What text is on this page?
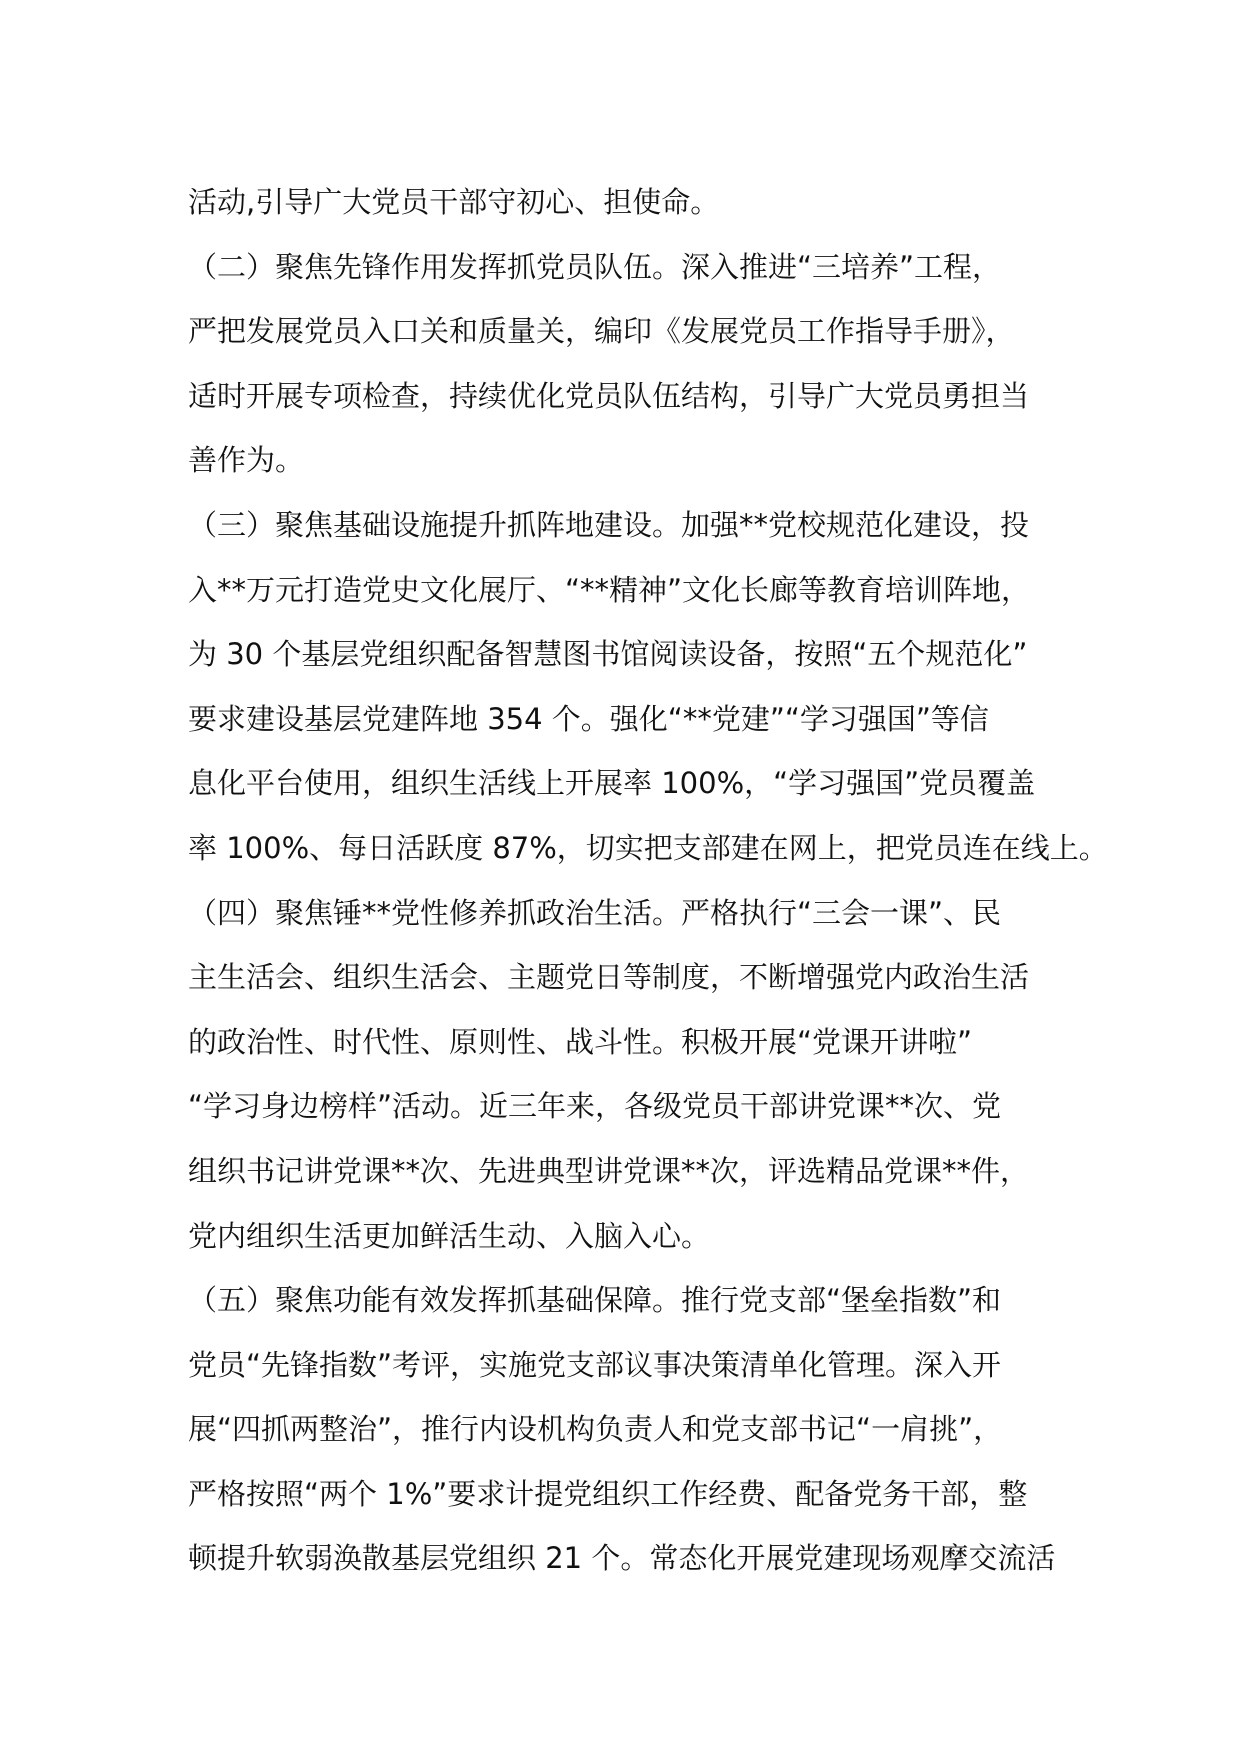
活动,引导广大党员干部守初心、担使命。
（二）聚焦先锋作用发挥抓党员队伍。深入推进“三培养”工程，
严把发展党员入口关和质量关，编印《发展党员工作指导手册》，
适时开展专项检查，持续优化党员队伍结构，引导广大党员勇担当
善作为。
（三）聚焦基础设施提升抓阵地建设。加强**党校规范化建设，投
入**万元打造党史文化展厅、“**精神”文化长廊等教育培训阵地，
为 30 个基层党组织配备智慧图书馆阅读设备，按照“五个规范化”
要求建设基层党建阵地 354 个。强化“**党建”“学习强国”等信
息化平台使用，组织生活线上开展率 100%，“学习强国”党员覆盖
率 100%、每日活跃度 87%，切实把支部建在网上，把党员连在线上。
（四）聚焦锤**党性修养抓政治生活。严格执行“三会一课”、民
主生活会、组织生活会、主题党日等制度，不断增强党内政治生活
的政治性、时代性、原则性、战斗性。积极开展“党课开讲啦”
“学习身边榜样”活动。近三年来，各级党员干部讲党课**次、党
组织书记讲党课**次、先进典型讲党课**次，评选精品党课**件，
党内组织生活更加鲜活生动、入脑入心。
（五）聚焦功能有效发挥抓基础保障。推行党支部“堡垒指数”和
党员“先锋指数”考评，实施党支部议事决策清单化管理。深入开
展“四抓两整治”，推行内设机构负责人和党支部书记“一肩挑”，
严格按照“两个 1%”要求计提党组织工作经费、配备党务干部，整
顿提升软弱涣散基层党组织 21 个。常态化开展党建现场观摩交流活
